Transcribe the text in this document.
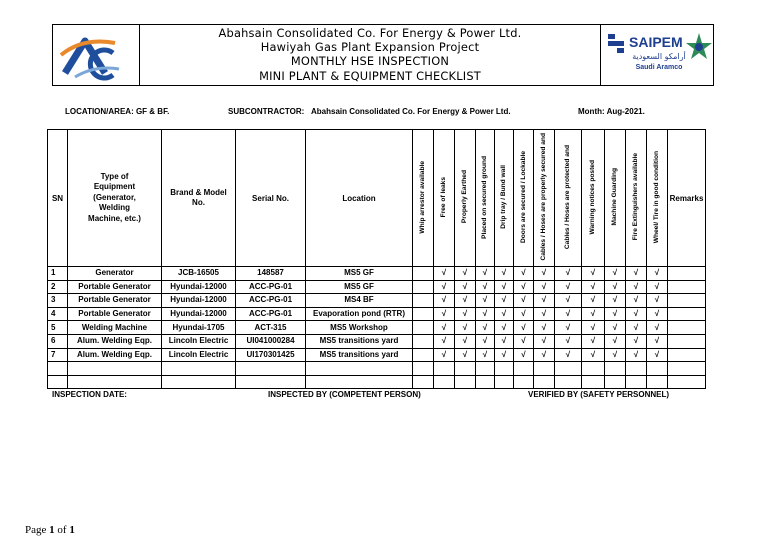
Abahsain Consolidated Co. For Energy & Power Ltd.
Hawiyah Gas Plant Expansion Project
MONTHLY HSE INSPECTION
MINI PLANT & EQUIPMENT CHECKLIST
SAIPEM
أرامكو السعودية
Saudi Aramco
LOCATION/AREA: GF & BF.	SUBCONTRACTOR: Abahsain Consolidated Co. For Energy & Power Ltd.	Month: Aug-2021.
SN	Type of Equipment (Generator, Welding Machine, etc.)	Brand & Model No.	Serial No.	Location	Whip arrestor available	Free of leaks	Properly Earthed	Placed on secured ground	Drip tray / Bund wall	Doors are secured / Lockable	Cables / Hoses are properly secured and	Cables / Hoses are protected and	Warning notices posted	Machine Guarding	Fire Extinguishers available	Wheel/ Tire in good condition	Remarks
1	Generator	JCB-16505	148587	MS5 GF		√	√	√	√	√	√	√	√	√	√	√	
2	Portable Generator	Hyundai-12000	ACC-PG-01	MS5 GF		√	√	√	√	√	√	√	√	√	√	√	
3	Portable Generator	Hyundai-12000	ACC-PG-01	MS4 BF		√	√	√	√	√	√	√	√	√	√	√	
4	Portable Generator	Hyundai-12000	ACC-PG-01	Evaporation pond (RTR)		√	√	√	√	√	√	√	√	√	√	√	
5	Welding Machine	Hyundai-1705	ACT-315	MS5 Workshop		√	√	√	√	√	√	√	√	√	√	√	
6	Alum. Welding Eqp.	Lincoln Electric	UI041000284	MS5 transitions yard		√	√	√	√	√	√	√	√	√	√	√	
7	Alum. Welding Eqp.	Lincoln Electric	UI170301425	MS5 transitions yard		√	√	√	√	√	√	√	√	√	√	√	

INSPECTION DATE:	INSPECTED BY (COMPETENT PERSON)	VERIFIED BY (SAFETY PERSONNEL)
Page 1 of 1
